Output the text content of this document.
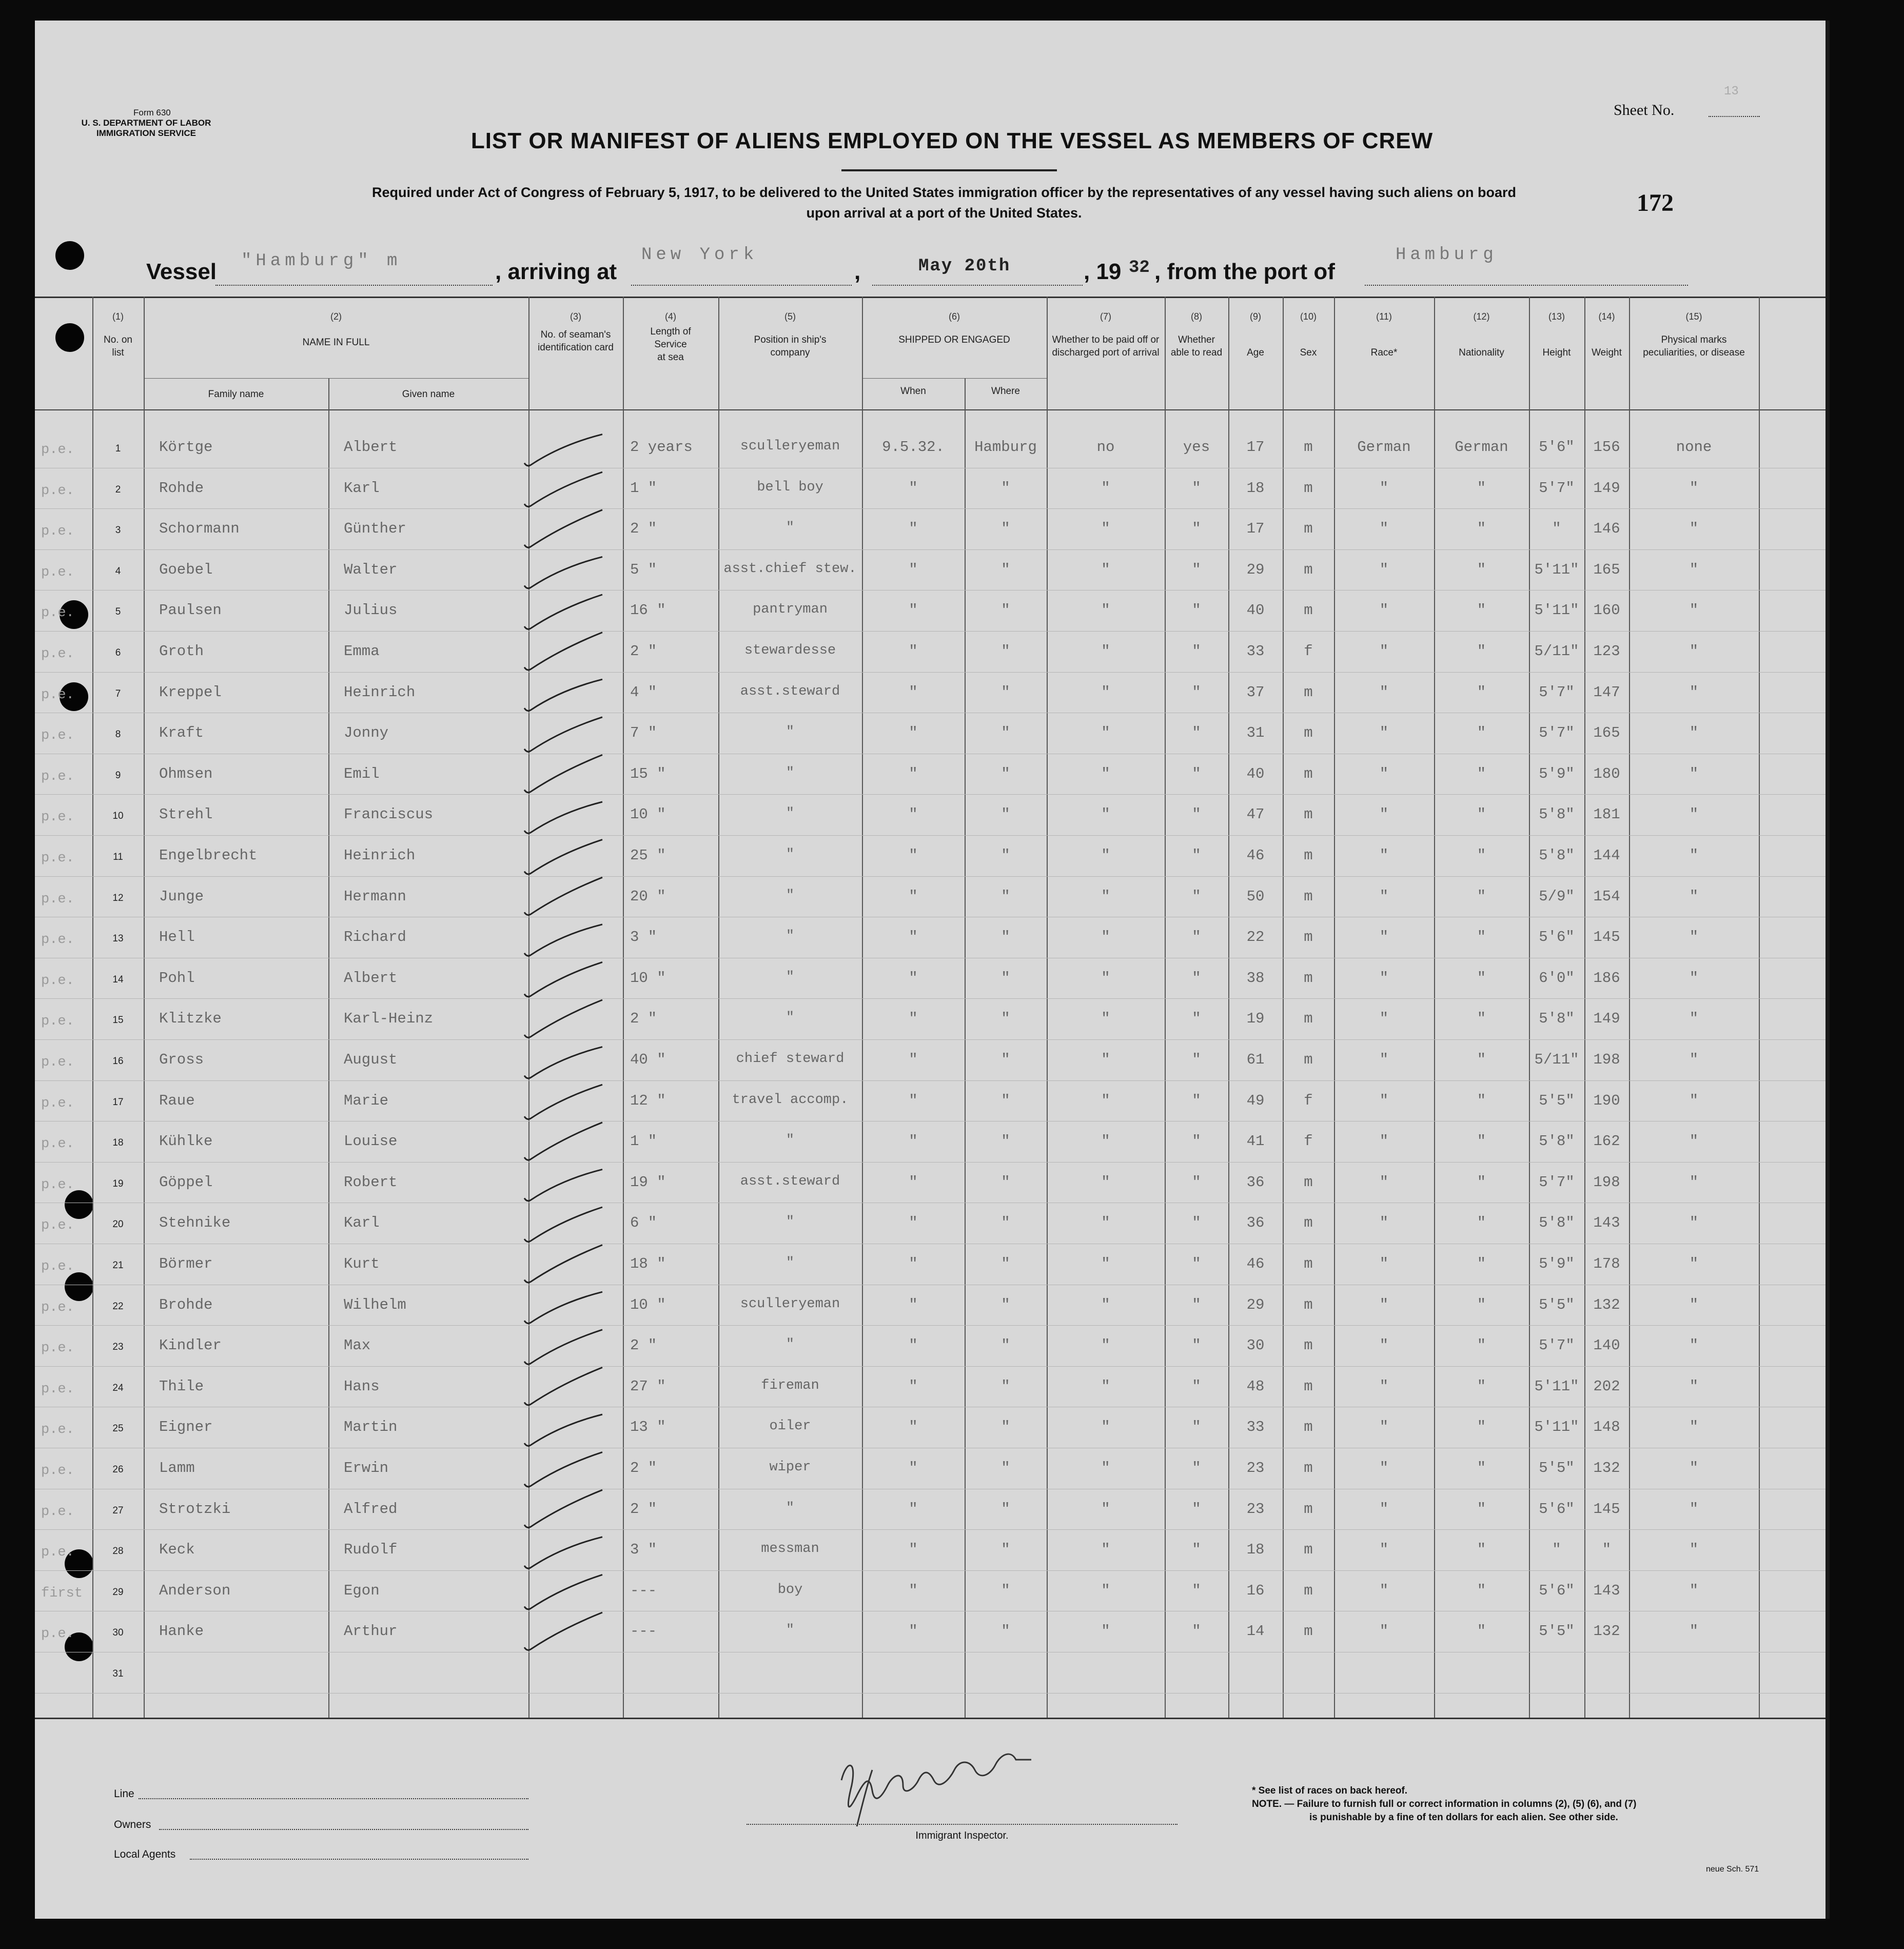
Form 630
U. S. DEPARTMENT OF LABOR
IMMIGRATION SERVICE
Sheet No.
13
172
LIST OR MANIFEST OF ALIENS EMPLOYED ON THE VESSEL AS MEMBERS OF CREW
Required under Act of Congress of February 5, 1917, to be delivered to the United States immigration officer by the representatives of any vessel having such aliens on board
upon arrival at a port of the United States.
Vessel "Hamburg" m	, arriving at
New York
,	May 20th	, 19 32 , from the port of
Hamburg
(1)
No. on list
(2)
NAME IN FULL
Family name	Given name
(3)
No. of seaman's identification card
(4)
Length of Service at sea
(5)
Position in ship's company
(6)
SHIPPED OR ENGAGED
When	Where
(7)
Whether to be paid off or discharged port of arrival
(8)
Whether able to read
(9)
Age
(10)
Sex
(11)
Race*
(12)
Nationality
(13)
Height
(14)
Weight
(15)
Physical marks peculiarities, or disease
p.e.	1	Körtge	Albert	2 years	sculleryeman	9.5.32.	Hamburg	no	yes	17	m	German	German	5'6"	156	none
p.e.	2	Rohde	Karl	1 "	bell boy	"	"	"	"	18	m	"	"	5'7"	149	"
p.e.	3	Schormann	Günther	2 "	"	"	"	"	"	17	m	"	"	"	146	"
p.e.	4	Goebel	Walter	5 "	asst.chief stew.	"	"	"	"	29	m	"	"	5'11" 165	"
p.e.	5	Paulsen	Julius	16 "	pantryman	"	"	"	"	40	m	"	"	5'11" 160	"
p.e.	6	Groth	Emma	2 "	stewardesse	"	"	"	"	33	f	"	"	5/11" 123	"
p.e.	7	Kreppel	Heinrich	4 "	asst.steward	"	"	"	"	37	m	"	"	5'7"	147	"
p.e.	8	Kraft	Jonny	7 "	"	"	"	"	"	31	m	"	"	5'7"	165	"
p.e.	9	Ohmsen	Emil	15 "	"	"	"	"	"	40	m	"	"	5'9"	180	"
p.e.	10	Strehl	Franciscus	10 "	"	"	"	"	"	47	m	"	"	5'8"	181	"
p.e.	11	Engelbrecht	Heinrich	25 "	"	"	"	"	"	46	m	"	"	5'8"	144	"
p.e.	12	Junge	Hermann	20 "	"	"	"	"	"	50	m	"	"	5/9"	154	"
p.e.	13	Hell	Richard	3 "	"	"	"	"	"	22	m	"	"	5'6"	145	"
p.e.	14	Pohl	Albert	10 "	"	"	"	"	"	38	m	"	"	6'0"	186	"
p.e.	15	Klitzke	Karl-Heinz	2 "	"	"	"	"	"	19	m	"	"	5'8"	149	"
p.e.	16	Gross	August	40 "	chief steward	"	"	"	"	61	m	"	"	5/11" 198	"
p.e.	17	Raue	Marie	12 "	travel accomp.	"	"	"	"	49	f	"	"	5'5"	190	"
p.e.	18	Kühlke	Louise	1 "	"	"	"	"	"	41	f	"	"	5'8"	162	"
p.e.	19	Göppel	Robert	19 "	asst.steward	"	"	"	"	36	m	"	"	5'7"	198	"
p.e.	20	Stehnike	Karl	6 "	"	"	"	"	"	36	m	"	"	5'8"	143	"
p.e.	21	Börmer	Kurt	18 "	"	"	"	"	"	46	m	"	"	5'9"	178	"
p.e.	22	Brohde	Wilhelm	10 "	sculleryeman	"	"	"	"	29	m	"	"	5'5"	132	"
p.e.	23	Kindler	Max	2 "	"	"	"	"	"	30	m	"	"	5'7"	140	"
p.e.	24	Thile	Hans	27 "	fireman	"	"	"	"	48	m	"	"	5'11" 202	"
p.e.	25	Eigner	Martin	13 "	oiler	"	"	"	"	33	m	"	"	5'11" 148	"
p.e.	26	Lamm	Erwin	2 "	wiper	"	"	"	"	23	m	"	"	5'5"	132	"
p.e.	27	Strotzki	Alfred	2 "	"	"	"	"	"	23	m	"	"	5'6"	145	"
p.e.	28	Keck	Rudolf	3 "	messman	"	"	"	"	18	m	"	"	"	"	"
first	29	Anderson	Egon	---	boy	"	"	"	"	16	m	"	"	5'6"	143	"
p.e.	30	Hanke	Arthur	---	"	"	"	"	"	14	m	"	"	5'5"	132	"
31
Line
Owners
Local Agents
Immigrant Inspector.
* See list of races on back hereof.
NOTE. — Failure to furnish full or correct information in columns (2), (5) (6), and (7)
is punishable by a fine of ten dollars for each alien. See other side.
neue Sch. 571
